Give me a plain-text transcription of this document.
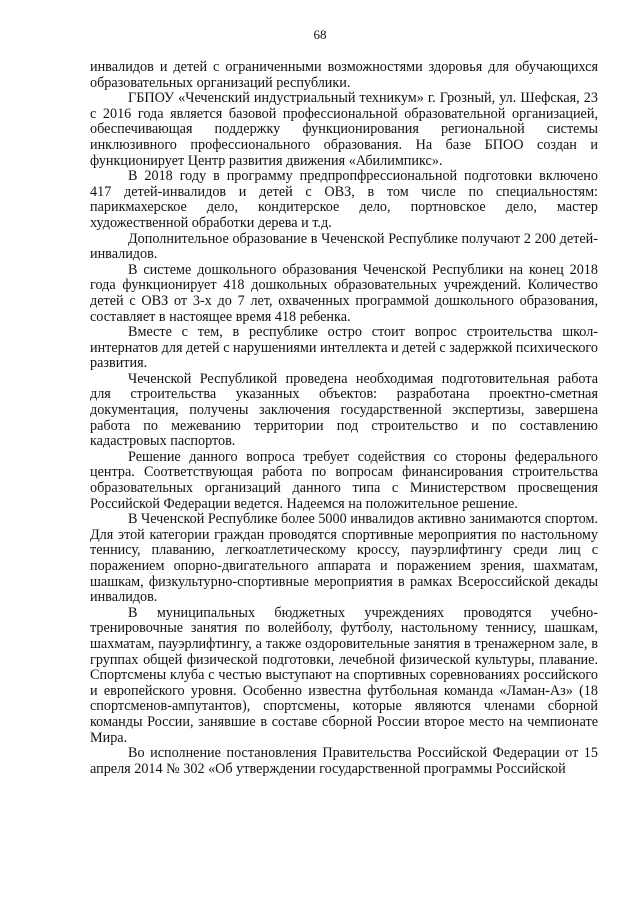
68

инвалидов и детей с ограниченными возможностями здоровья для обучающихся образовательных организаций республики.

ГБПОУ «Чеченский индустриальный техникум» г. Грозный, ул. Шефская, 23 с 2016 года является базовой профессиональной образовательной организацией, обеспечивающая поддержку функционирования региональной системы инклюзивного профессионального образования. На базе БПОО создан и функционирует Центр развития движения «Абилимпикс».

В 2018 году в программу предпропфрессиональной подготовки включено 417 детей-инвалидов и детей с ОВЗ, в том числе по специальностям: парикмахерское дело, кондитерское дело, портновское дело, мастер художественной обработки дерева и т.д.

Дополнительное образование в Чеченской Республике получают 2 200 детей-инвалидов.

В системе дошкольного образования Чеченской Республики на конец 2018 года функционирует 418 дошкольных образовательных учреждений. Количество детей с ОВЗ от 3-х до 7 лет, охваченных программой дошкольного образования, составляет в настоящее время 418 ребенка.

Вместе с тем, в республике остро стоит вопрос строительства школ-интернатов для детей с нарушениями интеллекта и детей с задержкой психического развития.

Чеченской Республикой проведена необходимая подготовительная работа для строительства указанных объектов: разработана проектно-сметная документация, получены заключения государственной экспертизы, завершена работа по межеванию территории под строительство и по составлению кадастровых паспортов.

Решение данного вопроса требует содействия со стороны федерального центра. Соответствующая работа по вопросам финансирования строительства образовательных организаций данного типа с Министерством просвещения Российской Федерации ведется. Надеемся на положительное решение.

В Чеченской Республике более 5000 инвалидов активно занимаются спортом. Для этой категории граждан проводятся спортивные мероприятия по настольному теннису, плаванию, легкоатлетическому кроссу, пауэрлифтингу среди лиц с поражением опорно-двигательного аппарата и поражением зрения, шахматам, шашкам, физкультурно-спортивные мероприятия в рамках Всероссийской декады инвалидов.

В муниципальных бюджетных учреждениях проводятся учебно-тренировочные занятия по волейболу, футболу, настольному теннису, шашкам, шахматам, пауэрлифтингу, а также оздоровительные занятия в тренажерном зале, в группах общей физической подготовки, лечебной физической культуры, плавание. Спортсмены клуба с честью выступают на спортивных соревнованиях российского и европейского уровня. Особенно известна футбольная команда «Ламан-Аз» (18 спортсменов-ампутантов), спортсмены, которые являются членами сборной команды России, занявшие в составе сборной России второе место на чемпионате Мира.

Во исполнение постановления Правительства Российской Федерации от 15 апреля 2014 № 302 «Об утверждении государственной программы Российской
